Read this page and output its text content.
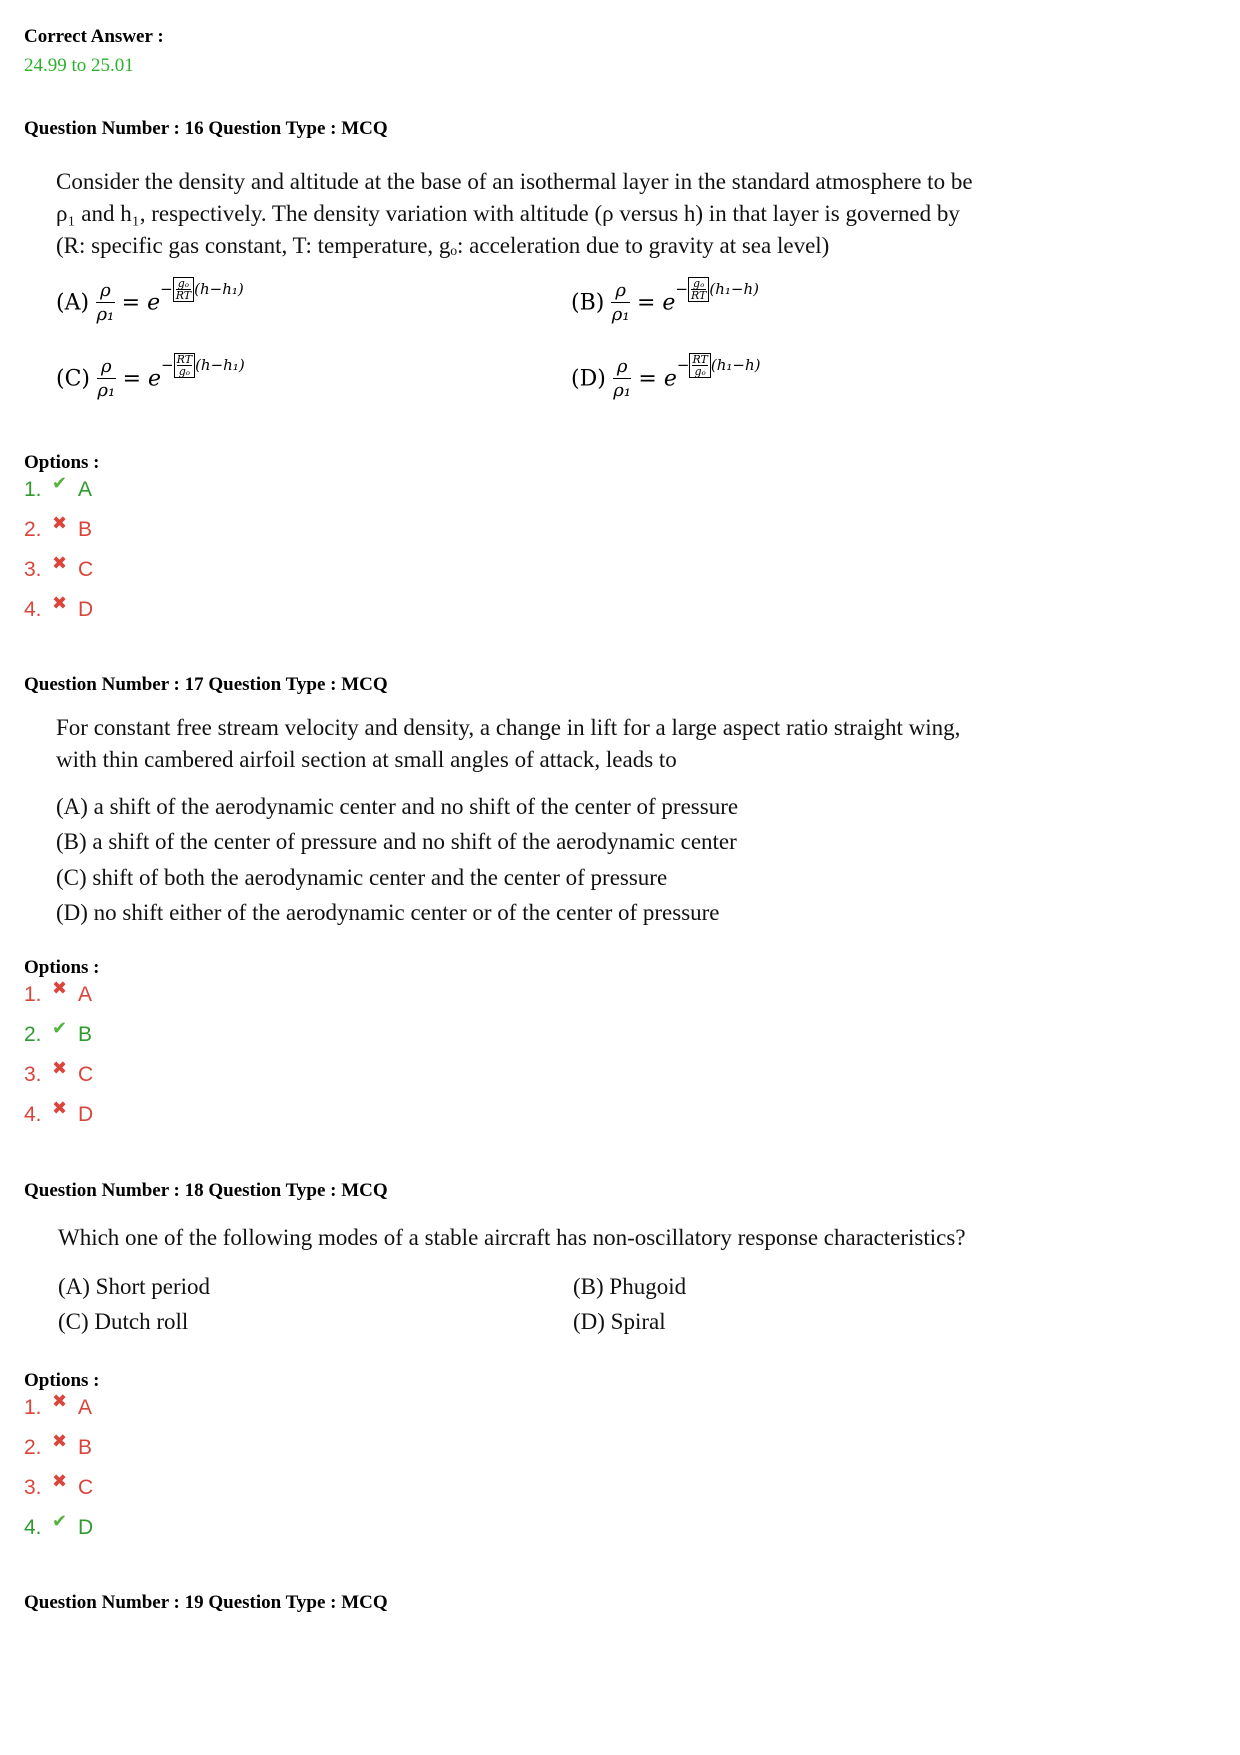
Correct Answer :
24.99 to 25.01
Question Number : 16 Question Type : MCQ
Consider the density and altitude at the base of an isothermal layer in the standard atmosphere to be
ρ₁ and h₁, respectively. The density variation with altitude (ρ versus h) in that layer is governed by
(R: specific gas constant, T: temperature, gₒ: acceleration due to gravity at sea level)
$(A) \frac{\rho}{\text{ρ₁}} = e^{- \frac{\text{gₒ}}{RT} (h-h_1)}$
$(B) \frac{\rho}{\text{ρ₁}} = e^{- \frac{\text{gₒ}}{RT} (h_1-h)}$
$(C) \frac{\rho}{\text{ρ₁}} = e^{- \frac{RT}{\text{gₒ}} (h-h_1)}$
$(D) \frac{\rho}{\text{ρ₁}} = e^{- \frac{RT}{\text{gₒ}} (h_1-h)}$
Options :
1. ✔ A
2. ✖ B
3. ✖ C
4. ✖ D
Question Number : 17 Question Type : MCQ
For constant free stream velocity and density, a change in lift for a large aspect ratio straight wing,
with thin cambered airfoil section at small angles of attack, leads to
(A) a shift of the aerodynamic center and no shift of the center of pressure
(B) a shift of the center of pressure and no shift of the aerodynamic center
(C) shift of both the aerodynamic center and the center of pressure
(D) no shift either of the aerodynamic center or of the center of pressure
Options :
1. ✖ A
2. ✔ B
3. ✖ C
4. ✖ D
Question Number : 18 Question Type : MCQ
Which one of the following modes of a stable aircraft has non-oscillatory response characteristics?
(A) Short period	(B) Phugoid
(C) Dutch roll	(D) Spiral
Options :
1. ✖ A
2. ✖ B
3. ✖ C
4. ✔ D
Question Number : 19 Question Type : MCQ
